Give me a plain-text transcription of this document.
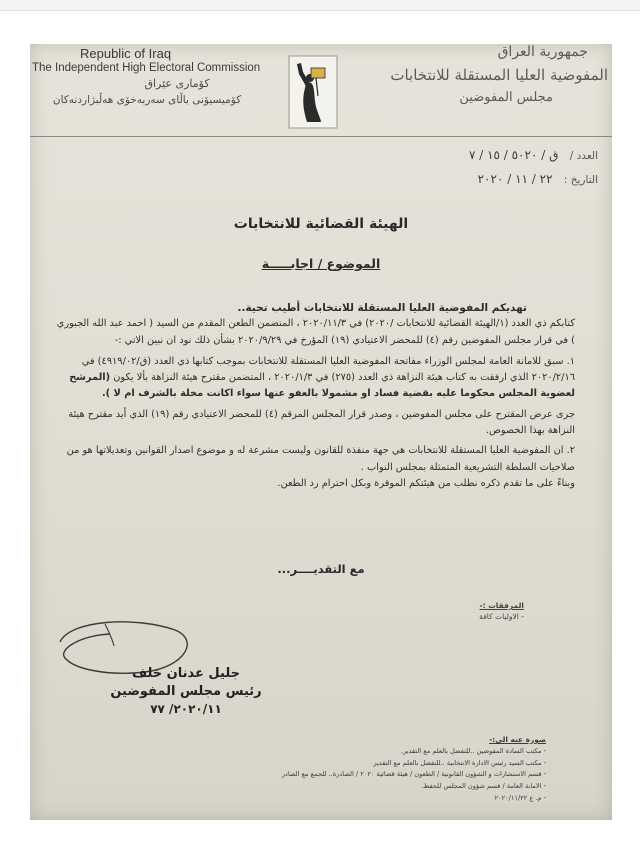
Republic of Iraq
The Independent High Electoral Commission
کۆماری عێراق
کۆمیسیۆنی باڵای سەربەخۆی هەڵبژاردنەکان
جمهورية العراق
المفوضية العليا المستقلة للانتخابات
مجلس المفوضين
العدد / ق / ٥٠٢٠ / ١٥ / ٧
التاريخ : ٢٢ / ١١ / ٢٠٢٠
الهيئة القضائية للانتخابات
الموضوع / اجابـــــة

تهديكم المفوضية العليا المستقلة للانتخابات أطيب تحية..

كتابكم ذي العدد (١/الهيئة القضائية للانتخابات /٢٠٢٠) في ٢٠٢٠/١١/٣ ، المتضمن الطعن المقدم من السيد ( احمد عبد الله الجبوري ) في قرار مجلس المفوضين رقم (٤) للمحضر الاعتيادي (١٩) المؤرخ في ٢٠٢٠/٩/٢٩ بشأن ذلك نود ان نبين الاتي :-

١. سبق للامانة العامة لمجلس الوزراء مفاتحة المفوضية العليا المستقلة للانتخابات بموجب كتابها ذي العدد (ق/٤٩١٩/٠٢) في ٢٠٢٠/٢/١٦ الذي ارفقت به كتاب هيئة النزاهة ذي العدد (٢٧٥) في ٢٠٢٠/١/٣ ، المتضمن مقترح هيئة النزاهة بألا يكون (المرشح لعضوية المجلس محكوما عليه بقضية فساد او مشمولا بالعفو عنها سواء اكانت مخلة بالشرف ام لا ).

جرى عرض المقترح على مجلس المفوضين ، وصدر قرار المجلس المرقم (٤) للمحضر الاعتيادي رقم (١٩) الذي أيد مقترح هيئة النزاهة بهذا الخصوص.

٢. ان المفوضية العليا المستقلة للانتخابات هي جهة منفذة للقانون وليست مشرعة له و موضوع اصدار القوانين وتعديلاتها هو من صلاحيات السلطة التشريعية المتمثلة بمجلس النواب .

وبناءً على ما تقدم ذكره نطلب من هيئتكم الموقرة وبكل احترام رد الطعن.

مع التقديــــر...
المرفقات :-
- الاوليات كافة
جليل عدنان خلف
رئيس مجلس المفوضين
٢٠٢٠/١١/ ٧٧
صورة عنه الى:-
- مكتب السادة المفوضين ..للتفضل بالعلم مع التقدير.
- مكتب السيد رئيس الادارة الانتخابية ..للتفضل بالعلم مع التقدير
- قسم الاستشارات و الشؤون القانونية / الطعون / هيئة قضائية ٢٠٢٠ / الصادرة.. للجمع مع الصادر
- الامانة العامة / قسم شؤون المجلس للحفظ.
- م. ع ٢٠٢٠/١١/٢٢
